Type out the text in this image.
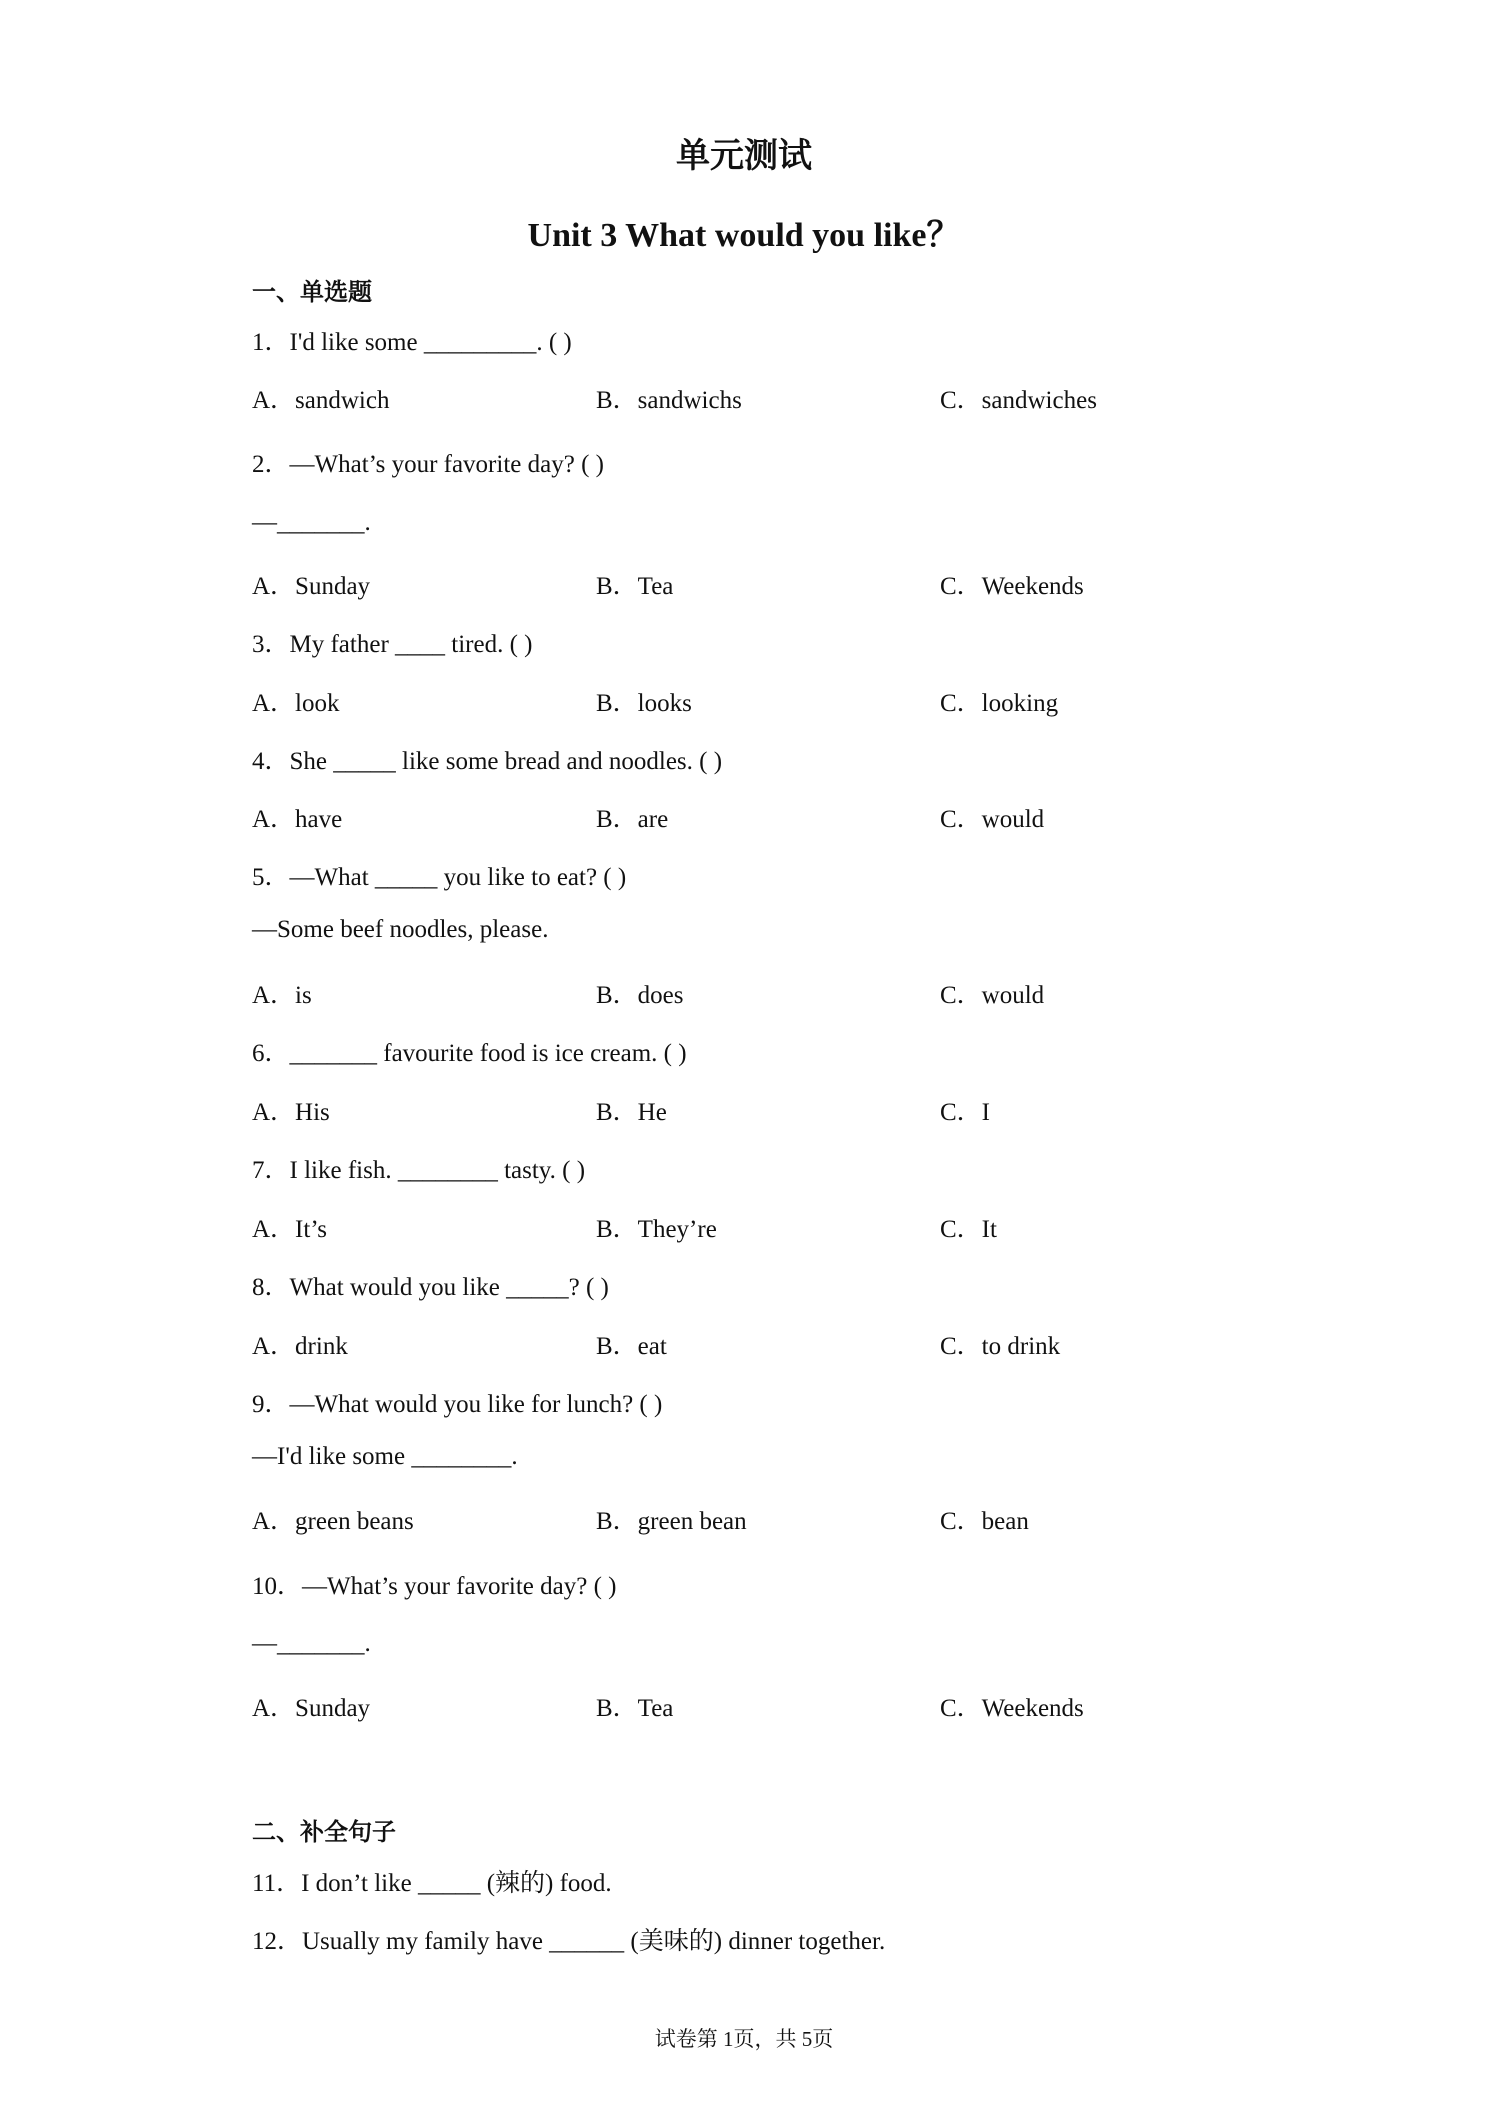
单元测试
Unit 3 What would you like？
一、单选题
1．I'd like some _________. ( )
A．sandwich	B．sandwichs	C．sandwiches
2．—What’s your favorite day? ( )
—_______.
A．Sunday	B．Tea	C．Weekends
3．My father ____ tired. ( )
A．look	B．looks	C．looking
4．She _____ like some bread and noodles. ( )
A．have	B．are	C．would
5．—What _____ you like to eat? ( )
—Some beef noodles, please.
A．is	B．does	C．would
6．_______ favourite food is ice cream. ( )
A．His	B．He	C．I
7．I like fish. ________ tasty. ( )
A．It’s	B．They’re	C．It
8．What would you like _____? ( )
A．drink	B．eat	C．to drink
9．—What would you like for lunch? ( )
—I'd like some ________.
A．green beans	B．green bean	C．bean
10．—What’s your favorite day? ( )
—_______.
A．Sunday	B．Tea	C．Weekends
二、补全句子
11．I don’t like _____ (辣的) food.
12．Usually my family have ______ (美味的) dinner together.
试卷第 1页，共 5页
